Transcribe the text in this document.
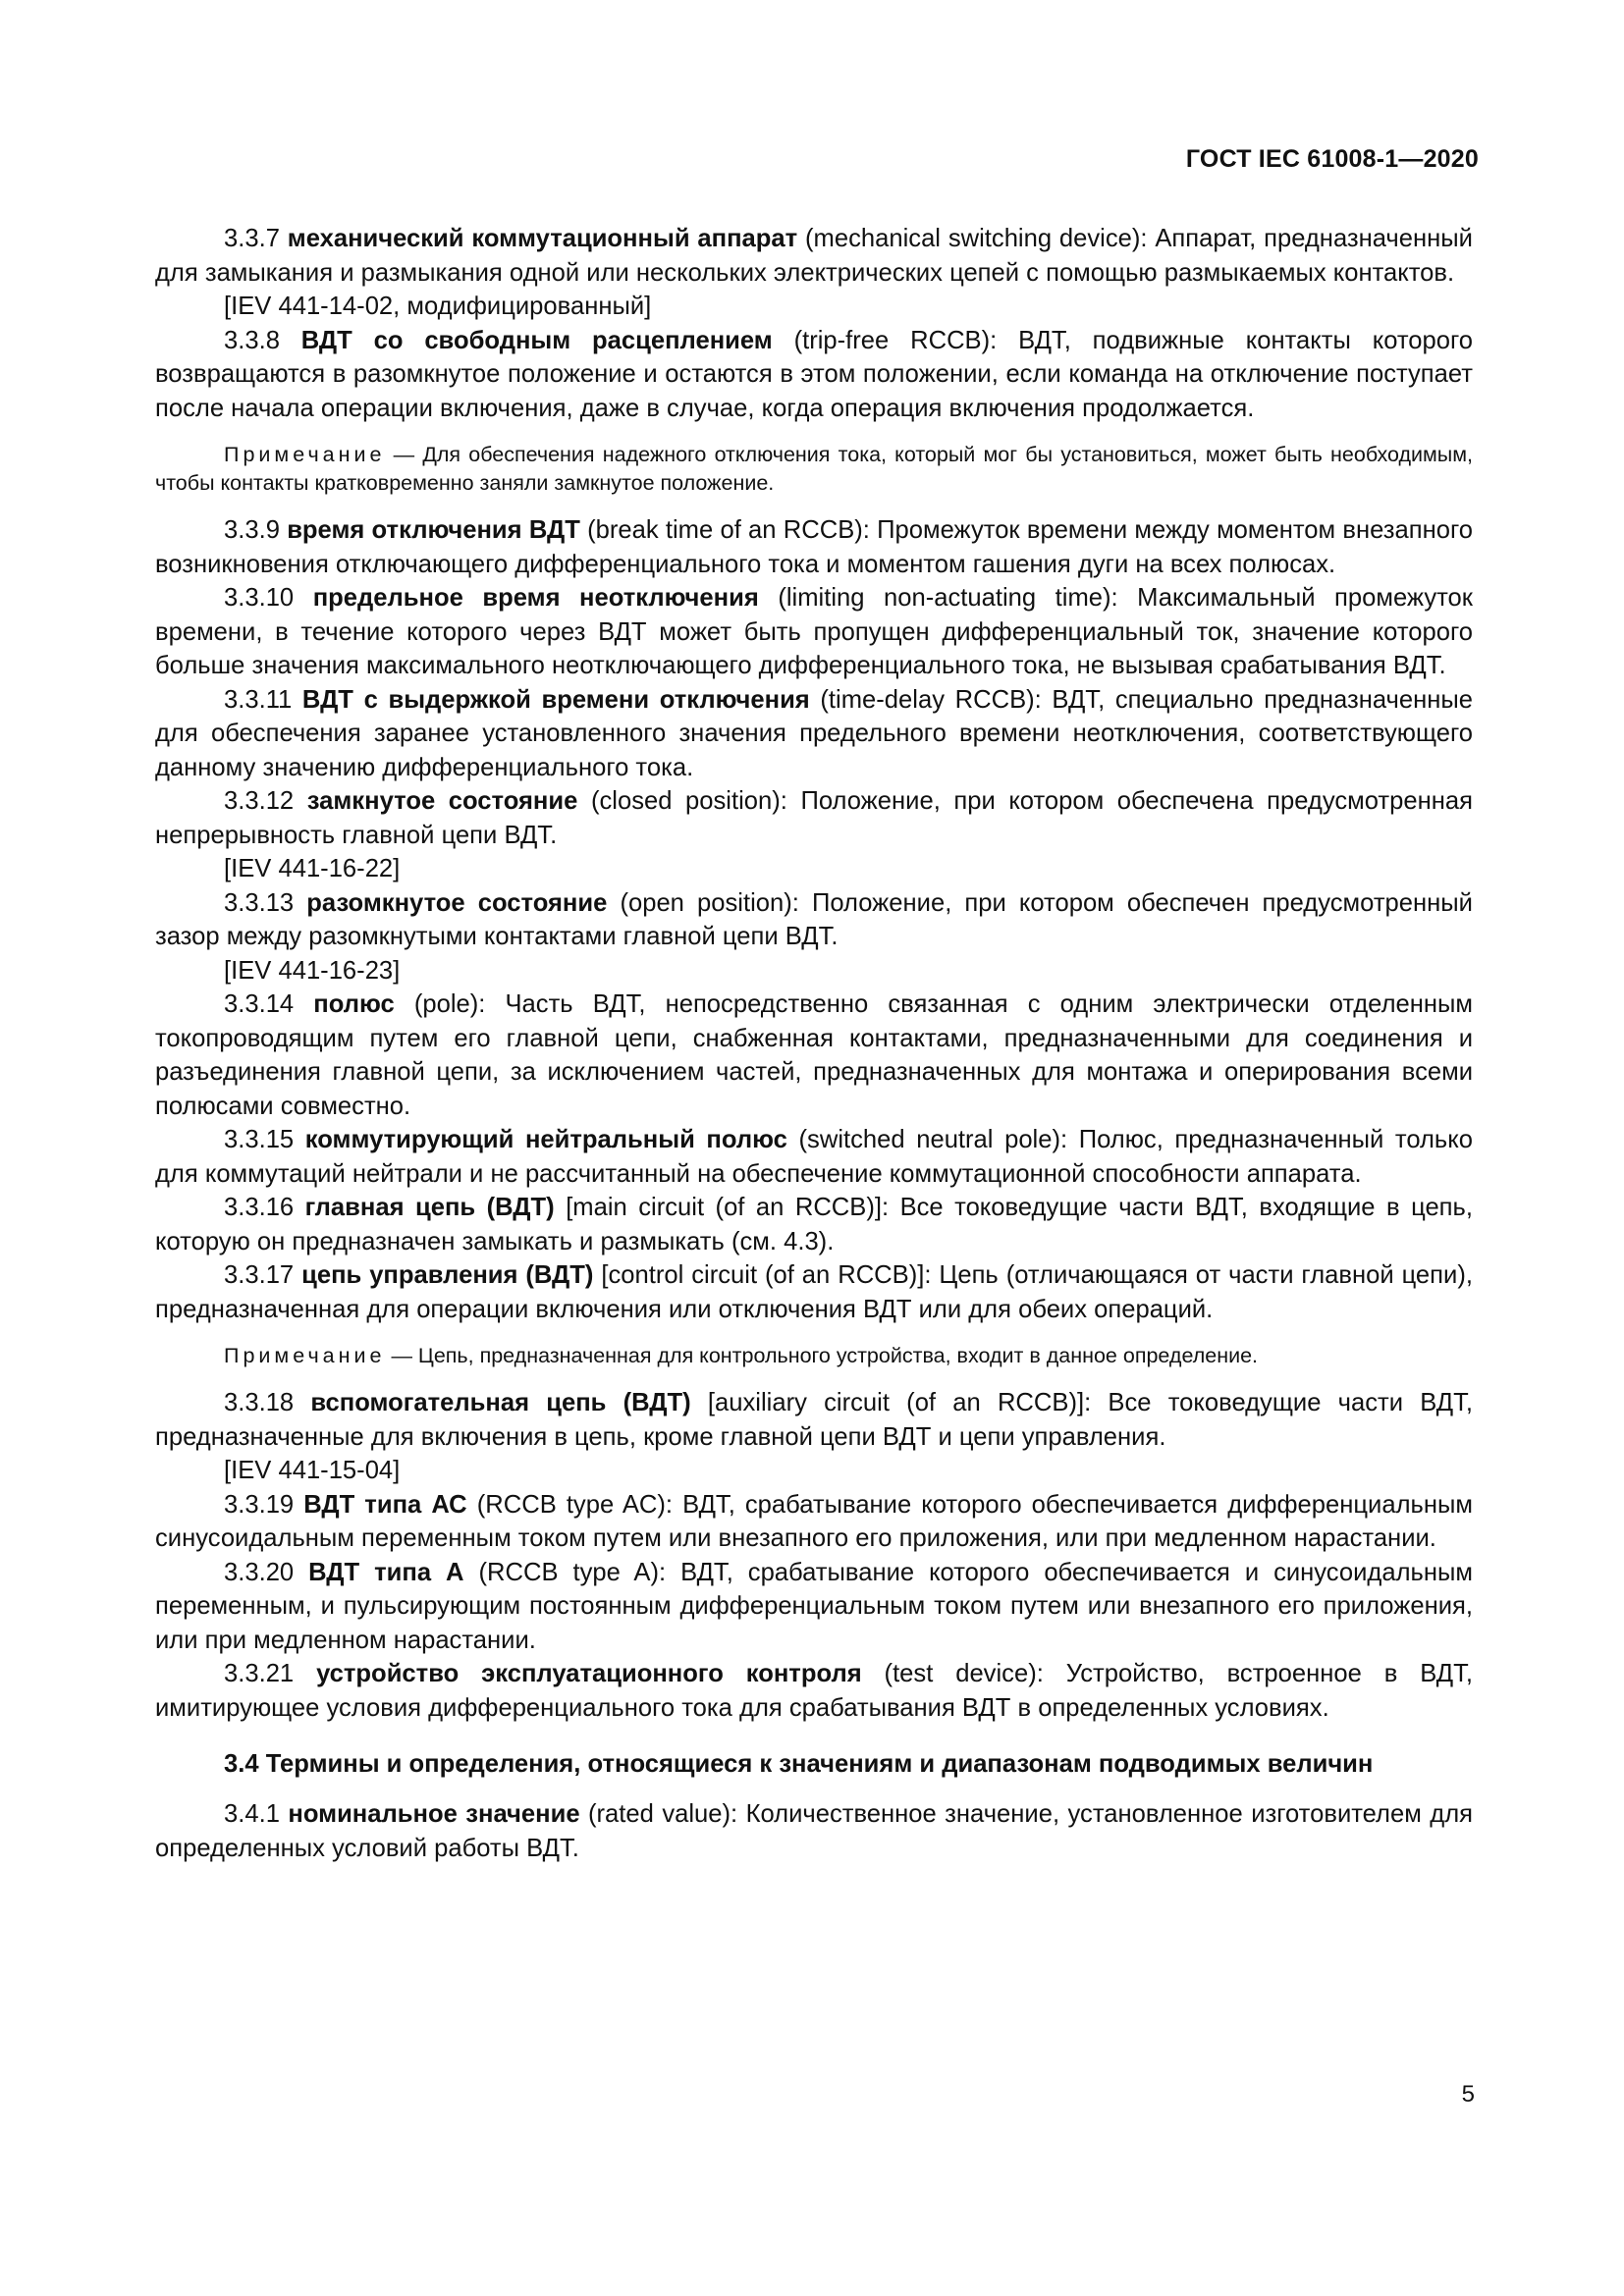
ГОСТ IEC 61008-1—2020

3.3.7 механический коммутационный аппарат (mechanical switching device): Аппарат, предназначенный для замыкания и размыкания одной или нескольких электрических цепей с помощью размыкаемых контактов.

[IEV 441-14-02, модифицированный]

3.3.8 ВДТ со свободным расцеплением (trip-free RCCB): ВДТ, подвижные контакты которого возвращаются в разомкнутое положение и остаются в этом положении, если команда на отключение поступает после начала операции включения, даже в случае, когда операция включения продолжается.

Примечание — Для обеспечения надежного отключения тока, который мог бы установиться, может быть необходимым, чтобы контакты кратковременно заняли замкнутое положение.

3.3.9 время отключения ВДТ (break time of an RCCB): Промежуток времени между моментом внезапного возникновения отключающего дифференциального тока и моментом гашения дуги на всех полюсах.

3.3.10 предельное время неотключения (limiting non-actuating time): Максимальный промежуток времени, в течение которого через ВДТ может быть пропущен дифференциальный ток, значение которого больше значения максимального неотключающего дифференциального тока, не вызывая срабатывания ВДТ.

3.3.11 ВДТ с выдержкой времени отключения (time-delay RCCB): ВДТ, специально предназначенные для обеспечения заранее установленного значения предельного времени неотключения, соответствующего данному значению дифференциального тока.

3.3.12 замкнутое состояние (closed position): Положение, при котором обеспечена предусмотренная непрерывность главной цепи ВДТ.

[IEV 441-16-22]

3.3.13 разомкнутое состояние (open position): Положение, при котором обеспечен предусмотренный зазор между разомкнутыми контактами главной цепи ВДТ.

[IEV 441-16-23]

3.3.14 полюс (pole): Часть ВДТ, непосредственно связанная с одним электрически отделенным токопроводящим путем его главной цепи, снабженная контактами, предназначенными для соединения и разъединения главной цепи, за исключением частей, предназначенных для монтажа и оперирования всеми полюсами совместно.

3.3.15 коммутирующий нейтральный полюс (switched neutral pole): Полюс, предназначенный только для коммутаций нейтрали и не рассчитанный на обеспечение коммутационной способности аппарата.

3.3.16 главная цепь (ВДТ) [main circuit (of an RCCB)]: Все токоведущие части ВДТ, входящие в цепь, которую он предназначен замыкать и размыкать (см. 4.3).

3.3.17 цепь управления (ВДТ) [control circuit (of an RCCB)]: Цепь (отличающаяся от части главной цепи), предназначенная для операции включения или отключения ВДТ или для обеих операций.

Примечание — Цепь, предназначенная для контрольного устройства, входит в данное определение.

3.3.18 вспомогательная цепь (ВДТ) [auxiliary circuit (of an RCCB)]: Все токоведущие части ВДТ, предназначенные для включения в цепь, кроме главной цепи ВДТ и цепи управления.

[IEV 441-15-04]

3.3.19 ВДТ типа АС (RCCB type AC): ВДТ, срабатывание которого обеспечивается дифференциальным синусоидальным переменным током путем или внезапного его приложения, или при медленном нарастании.

3.3.20 ВДТ типа А (RCCB type A): ВДТ, срабатывание которого обеспечивается и синусоидальным переменным, и пульсирующим постоянным дифференциальным током путем или внезапного его приложения, или при медленном нарастании.

3.3.21 устройство эксплуатационного контроля (test device): Устройство, встроенное в ВДТ, имитирующее условия дифференциального тока для срабатывания ВДТ в определенных условиях.

3.4 Термины и определения, относящиеся к значениям и диапазонам подводимых величин

3.4.1 номинальное значение (rated value): Количественное значение, установленное изготовителем для определенных условий работы ВДТ.

5
